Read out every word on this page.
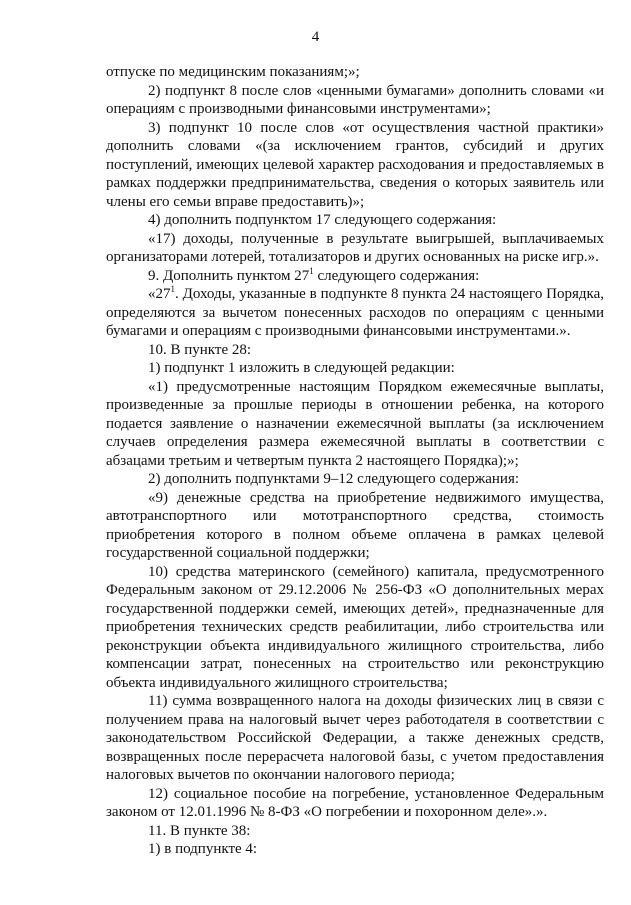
4

отпуске по медицинским показаниям;»;

2) подпункт 8 после слов «ценными бумагами» дополнить словами «и операциям с производными финансовыми инструментами»;

3) подпункт 10 после слов «от осуществления частной практики» дополнить словами «(за исключением грантов, субсидий и других поступлений, имеющих целевой характер расходования и предоставляемых в рамках поддержки предпринимательства, сведения о которых заявитель или члены его семьи вправе предоставить)»;

4) дополнить подпунктом 17 следующего содержания:

«17) доходы, полученные в результате выигрышей, выплачиваемых организаторами лотерей, тотализаторов и других основанных на риске игр.».

9. Дополнить пунктом $27^1$ следующего содержания:

«$27^1$. Доходы, указанные в подпункте 8 пункта 24 настоящего Порядка, определяются за вычетом понесенных расходов по операциям с ценными бумагами и операциям с производными финансовыми инструментами.».

10. В пункте 28:

1) подпункт 1 изложить в следующей редакции:

«1) предусмотренные настоящим Порядком ежемесячные выплаты, произведенные за прошлые периоды в отношении ребенка, на которого подается заявление о назначении ежемесячной выплаты (за исключением случаев определения размера ежемесячной выплаты в соответствии с абзацами третьим и четвертым пункта 2 настоящего Порядка);»;

2) дополнить подпунктами 9–12 следующего содержания:

«9) денежные средства на приобретение недвижимого имущества, автотранспортного или мототранспортного средства, стоимость приобретения которого в полном объеме оплачена в рамках целевой государственной социальной поддержки;

10) средства материнского (семейного) капитала, предусмотренного Федеральным законом от 29.12.2006 № 256-ФЗ «О дополнительных мерах государственной поддержки семей, имеющих детей», предназначенные для приобретения технических средств реабилитации, либо строительства или реконструкции объекта индивидуального жилищного строительства, либо компенсации затрат, понесенных на строительство или реконструкцию объекта индивидуального жилищного строительства;

11) сумма возвращенного налога на доходы физических лиц в связи с получением права на налоговый вычет через работодателя в соответствии с законодательством Российской Федерации, а также денежных средств, возвращенных после перерасчета налоговой базы, с учетом предоставления налоговых вычетов по окончании налогового периода;

12) социальное пособие на погребение, установленное Федеральным законом от 12.01.1996 № 8-ФЗ «О погребении и похоронном деле».».

11. В пункте 38:

1) в подпункте 4:
